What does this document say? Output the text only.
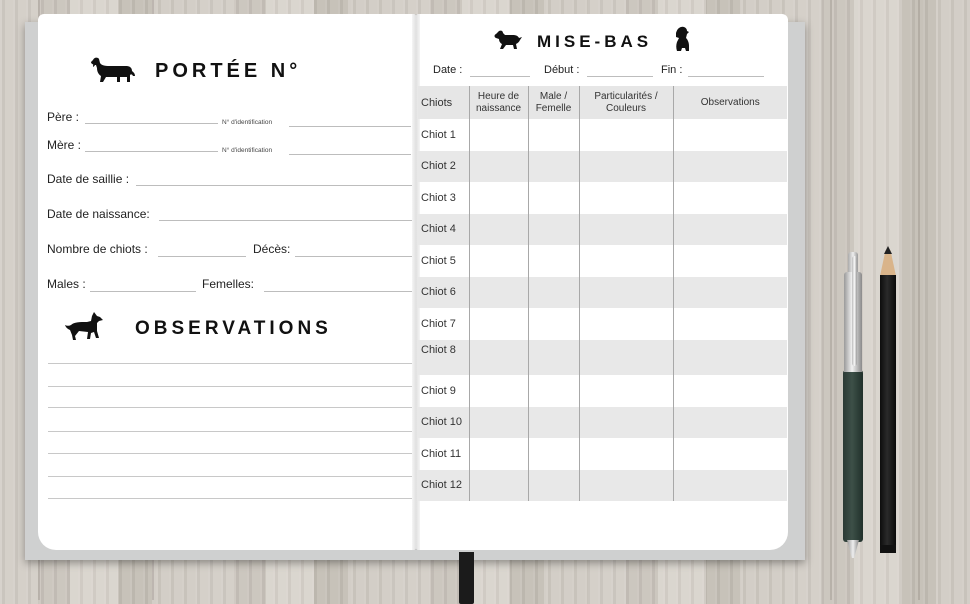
PORTÉE N°
Père :	N° d'identification
Mère :	N° d'identification
Date de saillie :
Date de naissance:
Nombre de chiots :	Décès:
Males :	Femelles:
OBSERVATIONS
MISE-BAS
Date :	Début :	Fin :
Chiots	Heure de naissance	Male / Femelle	Particularités / Couleurs	Observations
Chiot 1				
Chiot 2				
Chiot 3				
Chiot 4				
Chiot 5				
Chiot 6				
Chiot 7				
Chiot 8				
Chiot 9				
Chiot 10				
Chiot 11				
Chiot 12				
